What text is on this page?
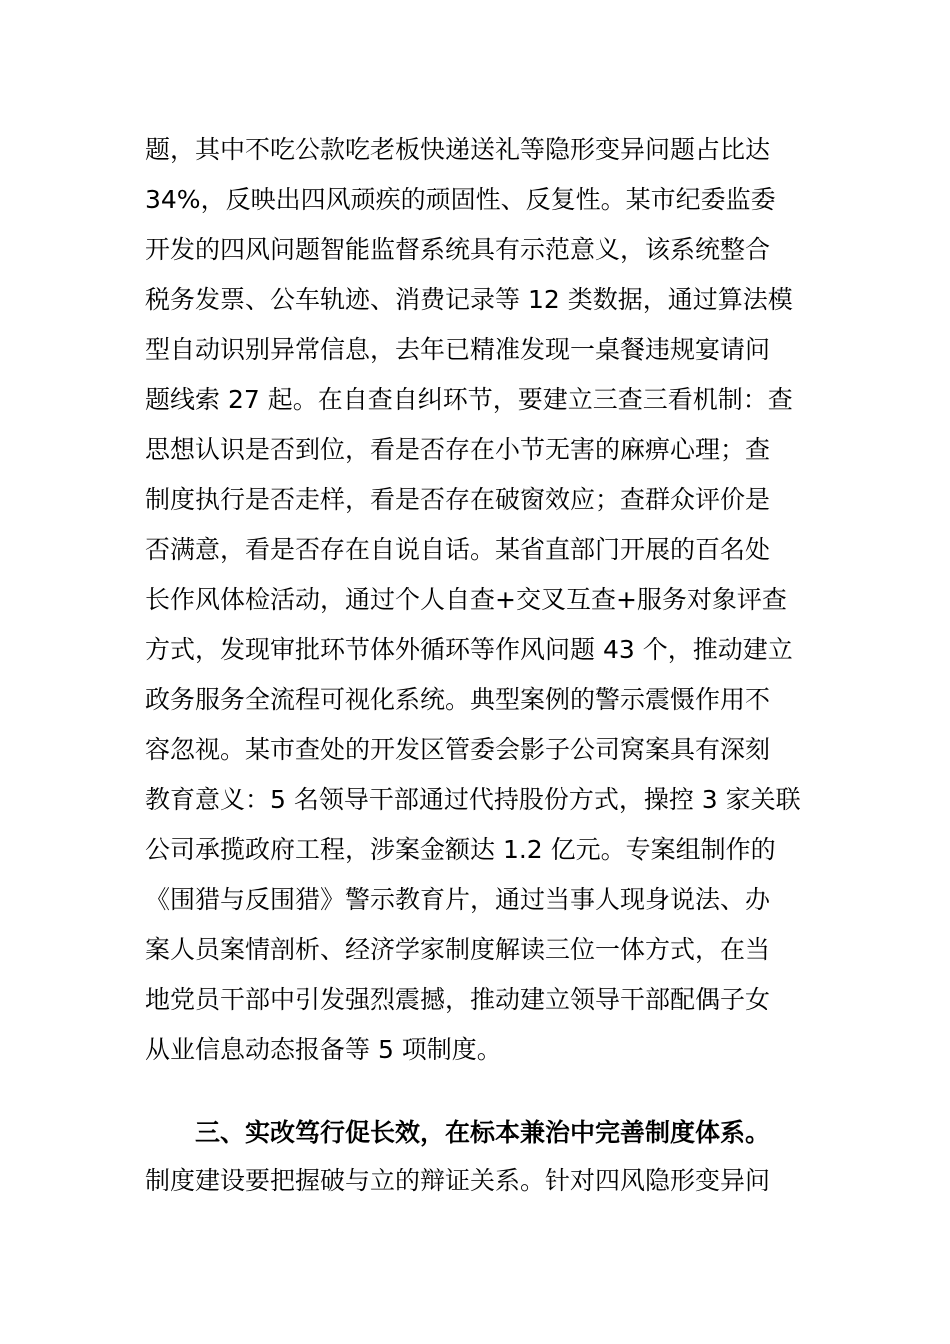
题，其中不吃公款吃老板快递送礼等隐形变异问题占比达
34%，反映出四风顽疾的顽固性、反复性。某市纪委监委
开发的四风问题智能监督系统具有示范意义，该系统整合
税务发票、公车轨迹、消费记录等 12 类数据，通过算法模
型自动识别异常信息，去年已精准发现一桌餐违规宴请问
题线索 27 起。在自查自纠环节，要建立三查三看机制：查
思想认识是否到位，看是否存在小节无害的麻痹心理；查
制度执行是否走样，看是否存在破窗效应；查群众评价是
否满意，看是否存在自说自话。某省直部门开展的百名处
长作风体检活动，通过个人自查+交叉互查+服务对象评查
方式，发现审批环节体外循环等作风问题 43 个，推动建立
政务服务全流程可视化系统。典型案例的警示震慑作用不
容忽视。某市查处的开发区管委会影子公司窝案具有深刻
教育意义：5 名领导干部通过代持股份方式，操控 3 家关联
公司承揽政府工程，涉案金额达 1.2 亿元。专案组制作的
《围猎与反围猎》警示教育片，通过当事人现身说法、办
案人员案情剖析、经济学家制度解读三位一体方式，在当
地党员干部中引发强烈震撼，推动建立领导干部配偶子女
从业信息动态报备等 5 项制度。
三、实改笃行促长效，在标本兼治中完善制度体系。
制度建设要把握破与立的辩证关系。针对四风隐形变异问
